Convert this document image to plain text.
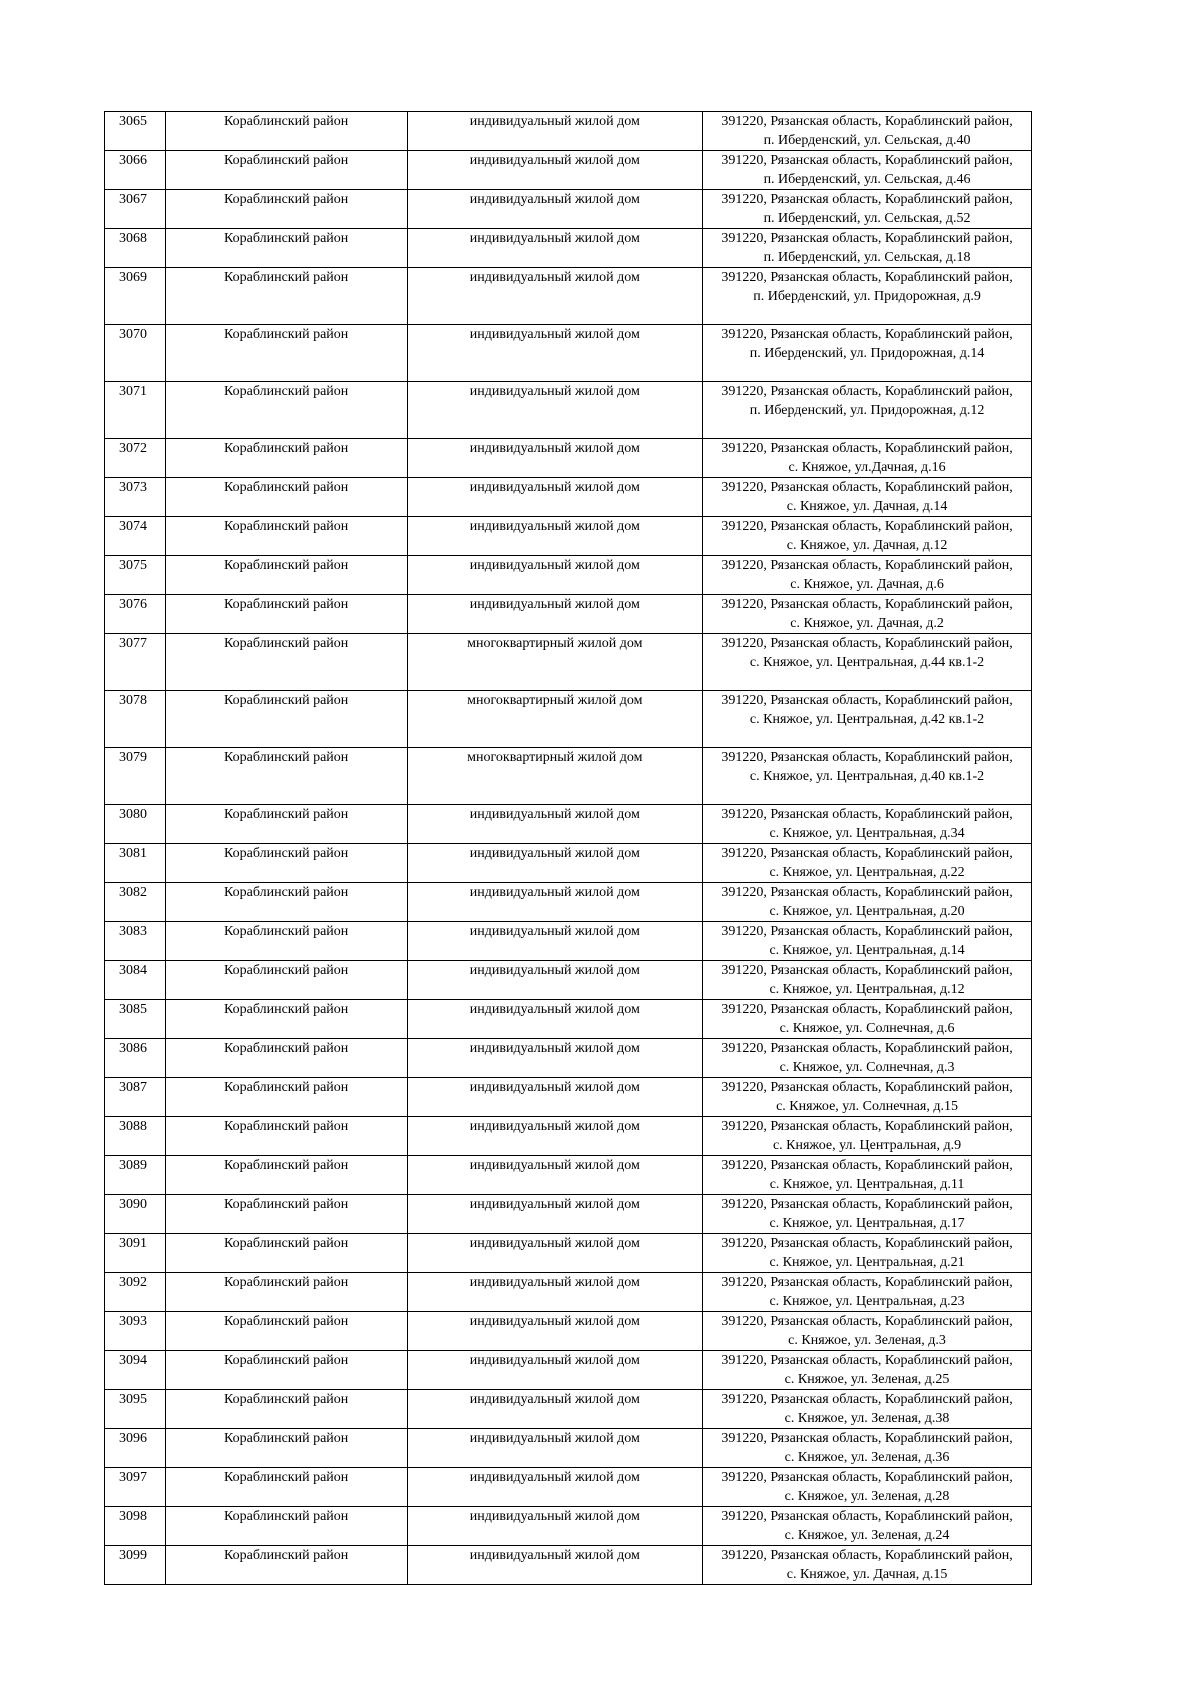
3065	Кораблинский район	индивидуальный жилой дом	391220, Рязанская область, Кораблинский район,
п. Иберденский, ул. Сельская, д.40

3066	Кораблинский район	индивидуальный жилой дом	391220, Рязанская область, Кораблинский район,
п. Иберденский, ул. Сельская, д.46

3067	Кораблинский район	индивидуальный жилой дом	391220, Рязанская область, Кораблинский район,
п. Иберденский, ул. Сельская, д.52

3068	Кораблинский район	индивидуальный жилой дом	391220, Рязанская область, Кораблинский район,
п. Иберденский, ул. Сельская, д.18

3069	Кораблинский район	индивидуальный жилой дом	391220, Рязанская область, Кораблинский район,
п. Иберденский, ул. Придорожная, д.9

3070	Кораблинский район	индивидуальный жилой дом	391220, Рязанская область, Кораблинский район,
п. Иберденский, ул. Придорожная, д.14

3071	Кораблинский район	индивидуальный жилой дом	391220, Рязанская область, Кораблинский район,
п. Иберденский, ул. Придорожная, д.12

3072	Кораблинский район	индивидуальный жилой дом	391220, Рязанская область, Кораблинский район,
с. Княжое, ул.Дачная, д.16

3073	Кораблинский район	индивидуальный жилой дом	391220, Рязанская область, Кораблинский район,
с. Княжое, ул. Дачная, д.14

3074	Кораблинский район	индивидуальный жилой дом	391220, Рязанская область, Кораблинский район,
с. Княжое, ул. Дачная, д.12

3075	Кораблинский район	индивидуальный жилой дом	391220, Рязанская область, Кораблинский район,
с. Княжое, ул. Дачная, д.6

3076	Кораблинский район	индивидуальный жилой дом	391220, Рязанская область, Кораблинский район,
с. Княжое, ул. Дачная, д.2

3077	Кораблинский район	многоквартирный жилой дом	391220, Рязанская область, Кораблинский район,
с. Княжое, ул. Центральная, д.44 кв.1-2

3078	Кораблинский район	многоквартирный жилой дом	391220, Рязанская область, Кораблинский район,
с. Княжое, ул. Центральная, д.42 кв.1-2

3079	Кораблинский район	многоквартирный жилой дом	391220, Рязанская область, Кораблинский район,
с. Княжое, ул. Центральная, д.40 кв.1-2

3080	Кораблинский район	индивидуальный жилой дом	391220, Рязанская область, Кораблинский район,
с. Княжое, ул. Центральная, д.34

3081	Кораблинский район	индивидуальный жилой дом	391220, Рязанская область, Кораблинский район,
с. Княжое, ул. Центральная, д.22

3082	Кораблинский район	индивидуальный жилой дом	391220, Рязанская область, Кораблинский район,
с. Княжое, ул. Центральная, д.20

3083	Кораблинский район	индивидуальный жилой дом	391220, Рязанская область, Кораблинский район,
с. Княжое, ул. Центральная, д.14

3084	Кораблинский район	индивидуальный жилой дом	391220, Рязанская область, Кораблинский район,
с. Княжое, ул. Центральная, д.12

3085	Кораблинский район	индивидуальный жилой дом	391220, Рязанская область, Кораблинский район,
с. Княжое, ул. Солнечная, д.6

3086	Кораблинский район	индивидуальный жилой дом	391220, Рязанская область, Кораблинский район,
с. Княжое, ул. Солнечная, д.3

3087	Кораблинский район	индивидуальный жилой дом	391220, Рязанская область, Кораблинский район,
с. Княжое, ул. Солнечная, д.15

3088	Кораблинский район	индивидуальный жилой дом	391220, Рязанская область, Кораблинский район,
с. Княжое, ул. Центральная, д.9

3089	Кораблинский район	индивидуальный жилой дом	391220, Рязанская область, Кораблинский район,
с. Княжое, ул. Центральная, д.11

3090	Кораблинский район	индивидуальный жилой дом	391220, Рязанская область, Кораблинский район,
с. Княжое, ул. Центральная, д.17

3091	Кораблинский район	индивидуальный жилой дом	391220, Рязанская область, Кораблинский район,
с. Княжое, ул. Центральная, д.21

3092	Кораблинский район	индивидуальный жилой дом	391220, Рязанская область, Кораблинский район,
с. Княжое, ул. Центральная, д.23

3093	Кораблинский район	индивидуальный жилой дом	391220, Рязанская область, Кораблинский район,
с. Княжое, ул. Зеленая, д.3

3094	Кораблинский район	индивидуальный жилой дом	391220, Рязанская область, Кораблинский район,
с. Княжое, ул. Зеленая, д.25

3095	Кораблинский район	индивидуальный жилой дом	391220, Рязанская область, Кораблинский район,
с. Княжое, ул. Зеленая, д.38

3096	Кораблинский район	индивидуальный жилой дом	391220, Рязанская область, Кораблинский район,
с. Княжое, ул. Зеленая, д.36

3097	Кораблинский район	индивидуальный жилой дом	391220, Рязанская область, Кораблинский район,
с. Княжое, ул. Зеленая, д.28

3098	Кораблинский район	индивидуальный жилой дом	391220, Рязанская область, Кораблинский район,
с. Княжое, ул. Зеленая, д.24

3099	Кораблинский район	индивидуальный жилой дом	391220, Рязанская область, Кораблинский район,
с. Княжое, ул. Дачная, д.15
